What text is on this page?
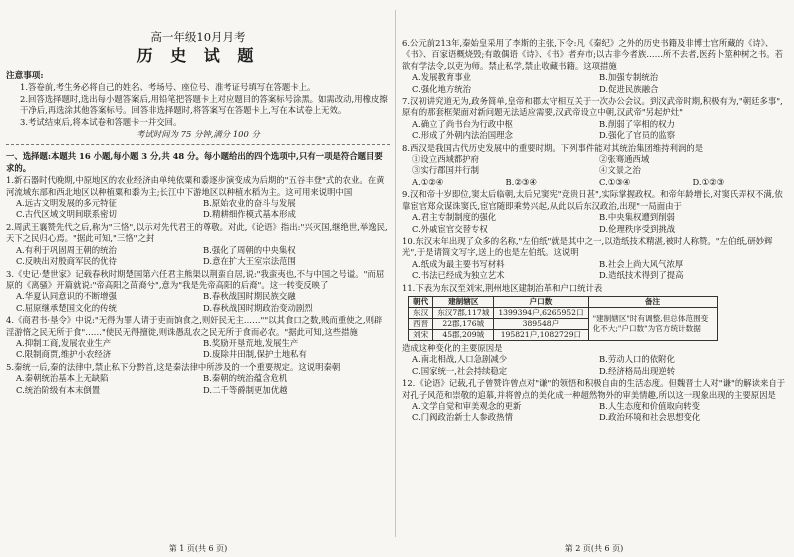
高一年级10月月考
历 史 试 题
注意事项:
1.答卷前,考生务必将自己的姓名、考场号、座位号、准考证号填写在答题卡上。
2.回答选择题时,选出每小题答案后,用铅笔把答题卡上对应题目的答案标号涂黑。如需改动,用橡皮擦干净后,再选涂其他答案标号。回答非选择题时,将答案写在答题卡上,写在本试卷上无效。
3.考试结束后,将本试卷和答题卡一并交回。
考试时间为 75 分钟,满分 100 分
一、选择题:本题共 16 小题,每小题 3 分,共 48 分。每小题给出的四个选项中,只有一项是符合题目要求的。
1.新石器时代晚期,中原地区的农业经济由单纯依粟和黍逐步演变成为后期的"五谷丰登"式的农业。在黄河流域东部和西北地区以种植粟和黍为主;长江中下游地区以种植水稻为主。这可用来说明中国
A.远古文明发展的多元特征	B.原始农业的奋斗与发展
C.古代区域文明间联系密切	D.精耕细作模式基本形成
2.周武王襄赞先代之后,称为"三恪",以示对先代君王的尊敬。对此,《论语》指出:"兴灭国,继绝世,举逸民,天下之民归心焉。"据此可知,"三恪"之封
A.有利于巩固周王朝的统治	B.强化了周朝的中央集权
C.反映出对殷商军民的优待	D.意在扩大王室宗法范围
3.《史记·楚世家》记载春秋时期楚国第六任君主熊渠以荆蛮自居,说:"我蛮夷也,不与中国之号谥。"而屈原的《离骚》开篇就说:"帝高阳之苗裔兮",意为"我是先帝高阳的后裔"。这一转变反映了
A.华夏认同意识的不断增强	B.春秋战国时期民族交融
C.屈原继承楚国文化的传统	D.春秋战国时期政治变动剧烈
4.《商君书·垦令》中说:"无得为罪人请于吏而饷食之,则奸民无主……""以其食口之数,贱而重使之,则辟淫游惰之民无所于食"……"使民无得擅徙,则诛愚乱农之民无所于食而必农。"据此可知,这些措施
A.抑制工商,发展农业生产	B.奖励开垦荒地,发展生产
C.限制商贾,维护小农经济	D.废除井田制,保护土地私有
5.秦统一后,秦的法律中,禁止私下分黔首,这是秦法律中所涉及的一个重要规定。这说明秦朝
A.秦朝统治基本上无缺陷	B.秦朝的统治蕴含危机
C.统治阶级有本末倒置	D.二千等爵制更加优越
第 1 页(共 6 页)
6.公元前213年,秦始皇采用了李斯的主张,下令:凡《秦纪》之外的历史书籍及非博士官所藏的《诗》、《书》、百家语概烧毁;有敢偶语《诗》、《书》者弃市;以古非今者族……所不去者,医药卜筮种树之书。若欲有学法令,以吏为师。禁止私学,禁止收藏书籍。这项措施
A.发展教育事业	B.加强专制统治
C.强化地方统治	D.促进民族融合
7.汉初讲究道无为,政务简单,皇帝和郡太守相互关于一次办公会议。到汉武帝时期,积极有为,"朝廷多事",原有的那套框架面对新问题无法适应需要,汉武帝设立中朝,汉武帝"另起炉灶"
A.确立了尚书台为行政中枢	B.削弱了宰相的权力
C.形成了外朝内法治国理念	D.强化了官员的监察
8.西汉是我国古代历史发展中的重要时期。下列事件能对其统治集团维持利润的是
①设立西域都护府	②张骞通西域
③实行郡国并行制	④文景之治
A.①②④	B.②③④	C.①③④	D.①②③
9.汉和帝十岁即位,窦太后临朝,太后兄窦宪"竞贵日甚",实际掌握政权。和帝年龄增长,对窦氏弄权不满,依靠宦官郑众谋诛窦氏,宦官随即乘势兴起,从此以后东汉政治,出现"一局面由于
A.君主专制制度的强化	B.中央集权遭到削弱
C.外戚宦官交替专权	D.伦理秩序受到挑战
10.东汉末年出现了众多的名称,"左伯纸"就是其中之一,以造纸技术精湛,被时人称赞。"左伯纸,研妙辉光",于是请简文写字,送上的也是左伯纸。这说明
A.纸成为最主要书写材料	B.社会上尚大风气浓厚
C.书法已经成为独立艺术	D.造纸技术得到了提高
11.下表为东汉至刘宋,荆州地区建制治革和户口统计表
朝代	建制辖区	户口数	备注
东汉	东汉7郡,117城	1399394户,6265952口	"建制辖区"时有调整,但总体范围变化不大;"户口数"为官方统计数据
西晋	22郡,176城	389548户	
刘宋	45郡,209城	195821户,1082729口	
造成这种变化的主要原因是
A.南北相战,人口急剧减少	B.劳动人口的依附化
C.国家统一,社会持续稳定	D.经济格局出现逆转
12.《论语》记载,孔子曾赞许曾点对"谦"的领悟和积极自由的生活态度。但魏晋士人对"谦"的解读来自于对孔子风范和崇敬的追慕,并将曾点的美化成一种超然物外的审美情趣,所以这一现象出现的主要原因是
A.文学自觉和审美观念的更新	B.人生态度和价值取向转变
C.门阀政治新士人参政热情	D.政治环境和社会思想变化
第 2 页(共 6 页)
